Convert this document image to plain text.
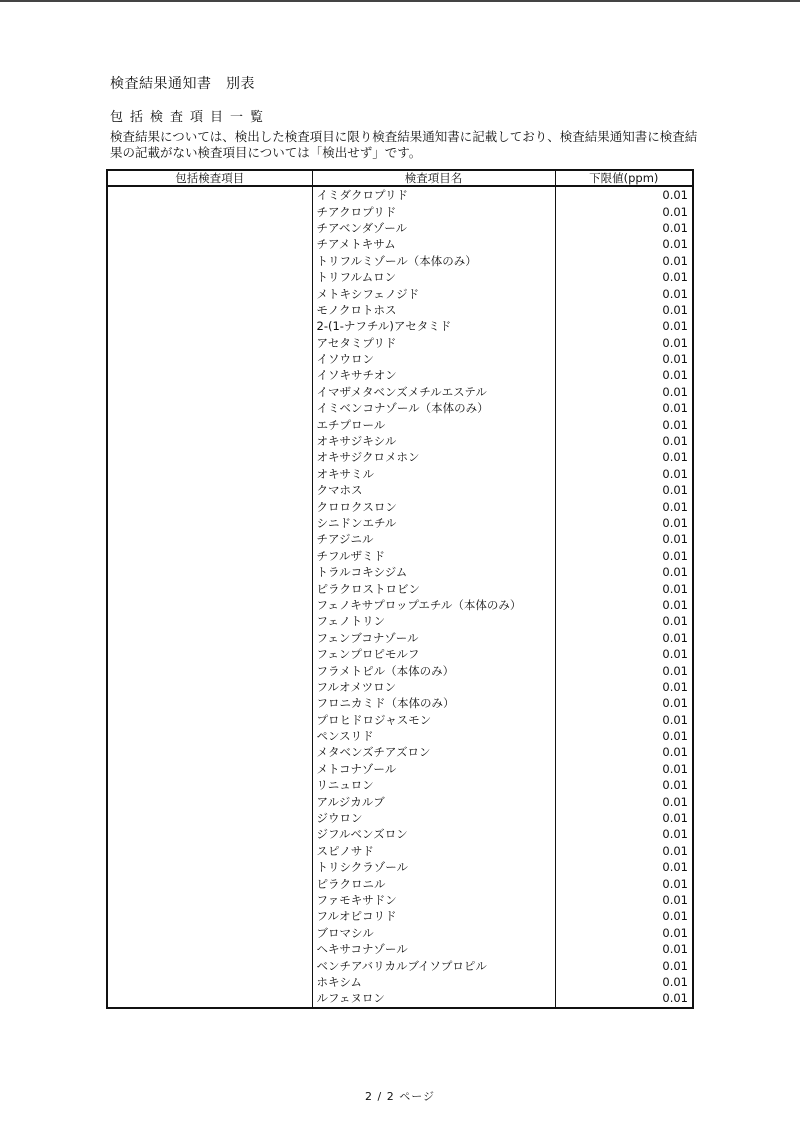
検査結果通知書　別表
包括検査項目一覧
検査結果については、検出した検査項目に限り検査結果通知書に記載しており、検査結果通知書に検査結果の記載がない検査項目については「検出せず」です。
包括検査項目	検査項目名	下限値(ppm)
	イミダクロプリド	0.01
	チアクロプリド	0.01
	チアベンダゾール	0.01
	チアメトキサム	0.01
	トリフルミゾール（本体のみ）	0.01
	トリフルムロン	0.01
	メトキシフェノジド	0.01
	モノクロトホス	0.01
	2-(1-ナフチル)アセタミド	0.01
	アセタミプリド	0.01
	イソウロン	0.01
	イソキサチオン	0.01
	イマザメタベンズメチルエステル	0.01
	イミベンコナゾール（本体のみ）	0.01
	エチプロール	0.01
	オキサジキシル	0.01
	オキサジクロメホン	0.01
	オキサミル	0.01
	クマホス	0.01
	クロロクスロン	0.01
	シニドンエチル	0.01
	チアジニル	0.01
	チフルザミド	0.01
	トラルコキシジム	0.01
	ピラクロストロビン	0.01
	フェノキサプロップエチル（本体のみ）	0.01
	フェノトリン	0.01
	フェンブコナゾール	0.01
	フェンプロピモルフ	0.01
	フラメトピル（本体のみ）	0.01
	フルオメツロン	0.01
	フロニカミド（本体のみ）	0.01
	プロヒドロジャスモン	0.01
	ペンスリド	0.01
	メタベンズチアズロン	0.01
	メトコナゾール	0.01
	リニュロン	0.01
	アルジカルブ	0.01
	ジウロン	0.01
	ジフルベンズロン	0.01
	スピノサド	0.01
	トリシクラゾール	0.01
	ピラクロニル	0.01
	ファモキサドン	0.01
	フルオピコリド	0.01
	ブロマシル	0.01
	ヘキサコナゾール	0.01
	ベンチアバリカルブイソプロピル	0.01
	ホキシム	0.01
	ルフェヌロン	0.01
2 / 2 ページ
